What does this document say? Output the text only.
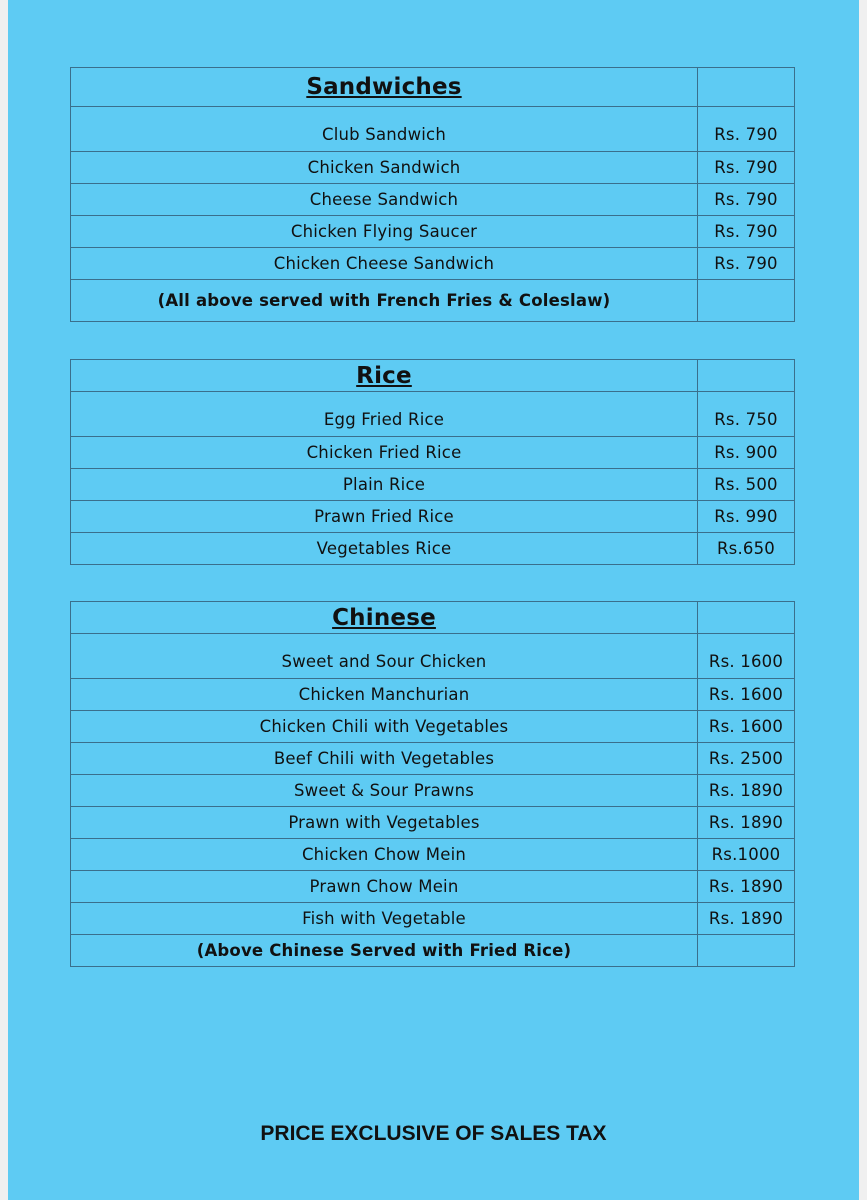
Sandwiches	
Club Sandwich	Rs. 790
Chicken Sandwich	Rs. 790
Cheese Sandwich	Rs. 790
Chicken Flying Saucer	Rs. 790
Chicken Cheese Sandwich	Rs. 790
(All above served with French Fries & Coleslaw)	
Rice	
Egg Fried Rice	Rs. 750
Chicken Fried Rice	Rs. 900
Plain Rice	Rs. 500
Prawn Fried Rice	Rs. 990
Vegetables Rice	Rs.650
Chinese	
Sweet and Sour Chicken	Rs. 1600
Chicken Manchurian	Rs. 1600
Chicken Chili with Vegetables	Rs. 1600
Beef Chili with Vegetables	Rs. 2500
Sweet & Sour Prawns	Rs. 1890
Prawn with Vegetables	Rs. 1890
Chicken Chow Mein	Rs.1000
Prawn Chow Mein	Rs. 1890
Fish with Vegetable	Rs. 1890
(Above Chinese Served with Fried Rice)	
PRICE EXCLUSIVE OF SALES TAX
